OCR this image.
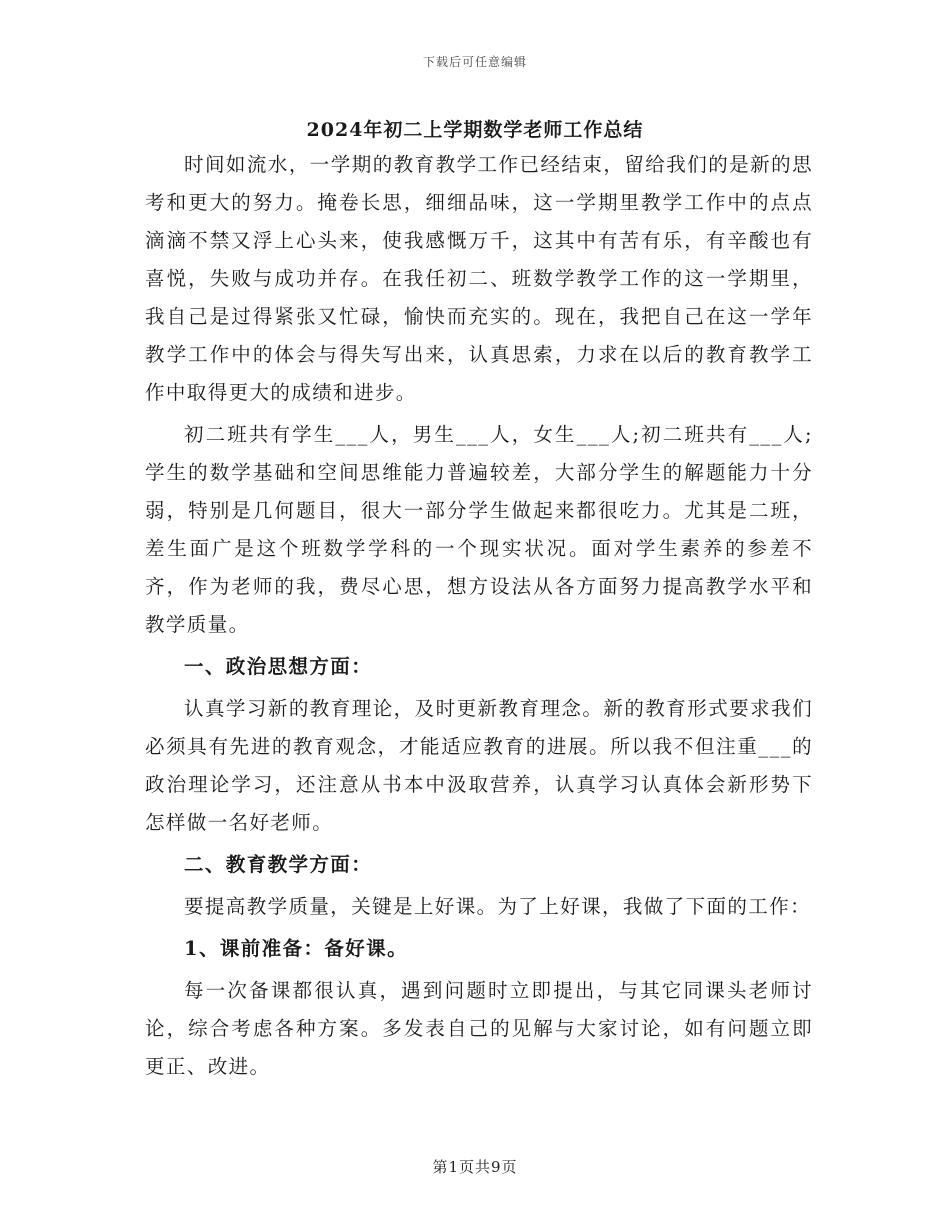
下载后可任意编辑
2024年初二上学期数学老师工作总结

时间如流水，一学期的教育教学工作已经结束，留给我们的是新的思考和更大的努力。掩卷长思，细细品味，这一学期里教学工作中的点点滴滴不禁又浮上心头来，使我感慨万千，这其中有苦有乐，有辛酸也有喜悦，失败与成功并存。在我任初二、班数学教学工作的这一学期里，我自己是过得紧张又忙碌，愉快而充实的。现在，我把自己在这一学年教学工作中的体会与得失写出来，认真思索，力求在以后的教育教学工作中取得更大的成绩和进步。

初二班共有学生___人，男生___人，女生___人;初二班共有___人;学生的数学基础和空间思维能力普遍较差，大部分学生的解题能力十分弱，特别是几何题目，很大一部分学生做起来都很吃力。尤其是二班，差生面广是这个班数学学科的一个现实状况。面对学生素养的参差不齐，作为老师的我，费尽心思，想方设法从各方面努力提高教学水平和教学质量。

一、政治思想方面：

认真学习新的教育理论，及时更新教育理念。新的教育形式要求我们必须具有先进的教育观念，才能适应教育的进展。所以我不但注重___的政治理论学习，还注意从书本中汲取营养，认真学习认真体会新形势下怎样做一名好老师。

二、教育教学方面：

要提高教学质量，关键是上好课。为了上好课，我做了下面的工作：

1、课前准备：备好课。

每一次备课都很认真，遇到问题时立即提出，与其它同课头老师讨论，综合考虑各种方案。多发表自己的见解与大家讨论，如有问题立即更正、改进。

第1页共9页
